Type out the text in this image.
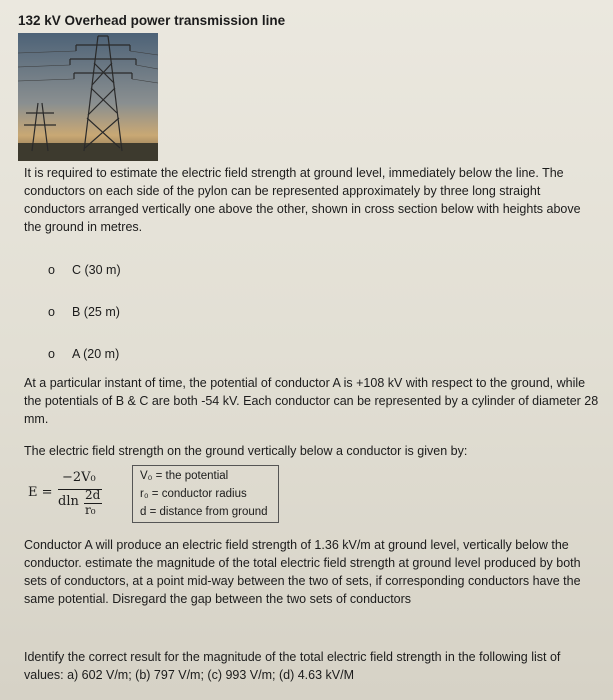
132 kV Overhead power transmission line
It is required to estimate the electric field strength at ground level, immediately below the line. The conductors on each side of the pylon can be represented approximately by three long straight conductors arranged vertically one above the other, shown in cross section below with heights above the ground in metres.
o C (30 m)
o B (25 m)
o A (20 m)
At a particular instant of time, the potential of conductor A is +108 kV with respect to the ground, while the potentials of B & C are both -54 kV. Each conductor can be represented by a cylinder of diameter 28 mm.
The electric field strength on the ground vertically below a conductor is given by:
E =
−2V₀
dln 2d
r₀
V₀ = the potential
r₀ = conductor radius
d = distance from ground
Conductor A will produce an electric field strength of 1.36 kV/m at ground level, vertically below the conductor. estimate the magnitude of the total electric field strength at ground level produced by both sets of conductors, at a point mid-way between the two of sets, if corresponding conductors have the same potential. Disregard the gap between the two sets of conductors
Identify the correct result for the magnitude of the total electric field strength in the following list of values: a) 602 V/m; (b) 797 V/m; (c) 993 V/m; (d) 4.63 kV/M
